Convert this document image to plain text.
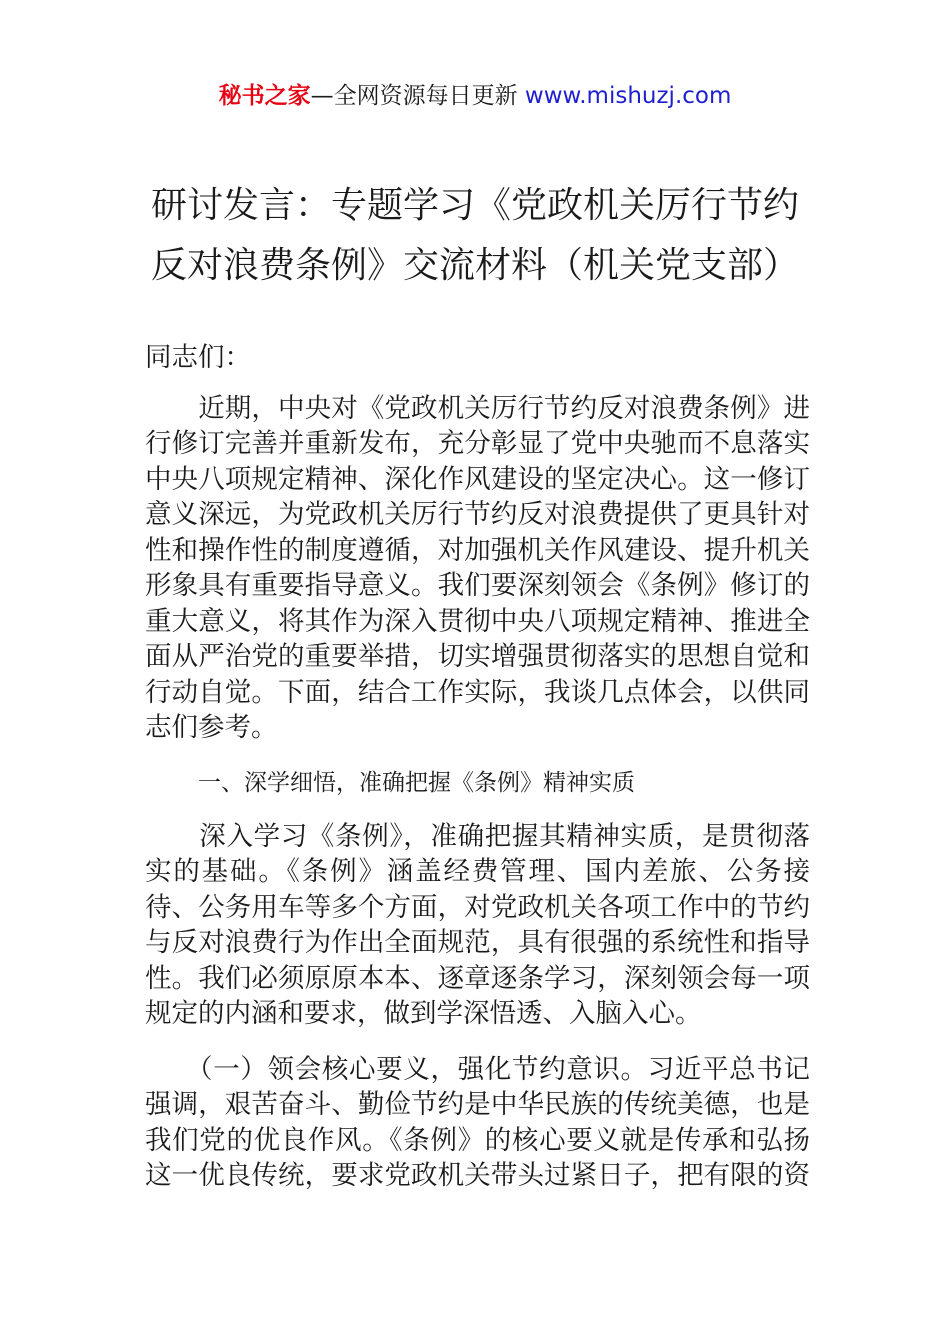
秘书之家—全网资源每日更新 www.mishuzj.com
研讨发言：专题学习《党政机关厉行节约
反对浪费条例》交流材料（机关党支部）

同志们：

　　近期，中央对《党政机关厉行节约反对浪费条例》进
行修订完善并重新发布，充分彰显了党中央驰而不息落实
中央八项规定精神、深化作风建设的坚定决心。这一修订
意义深远，为党政机关厉行节约反对浪费提供了更具针对
性和操作性的制度遵循，对加强机关作风建设、提升机关
形象具有重要指导意义。我们要深刻领会《条例》修订的
重大意义，将其作为深入贯彻中央八项规定精神、推进全
面从严治党的重要举措，切实增强贯彻落实的思想自觉和
行动自觉。下面，结合工作实际，我谈几点体会，以供同
志们参考。

一、深学细悟，准确把握《条例》精神实质

　　深入学习《条例》，准确把握其精神实质，是贯彻落
实的基础。《条例》涵盖经费管理、国内差旅、公务接
待、公务用车等多个方面，对党政机关各项工作中的节约
与反对浪费行为作出全面规范，具有很强的系统性和指导
性。我们必须原原本本、逐章逐条学习，深刻领会每一项
规定的内涵和要求，做到学深悟透、入脑入心。

　　（一）领会核心要义，强化节约意识。习近平总书记
强调，艰苦奋斗、勤俭节约是中华民族的传统美德，也是
我们党的优良作风。《条例》的核心要义就是传承和弘扬
这一优良传统，要求党政机关带头过紧日子，把有限的资
